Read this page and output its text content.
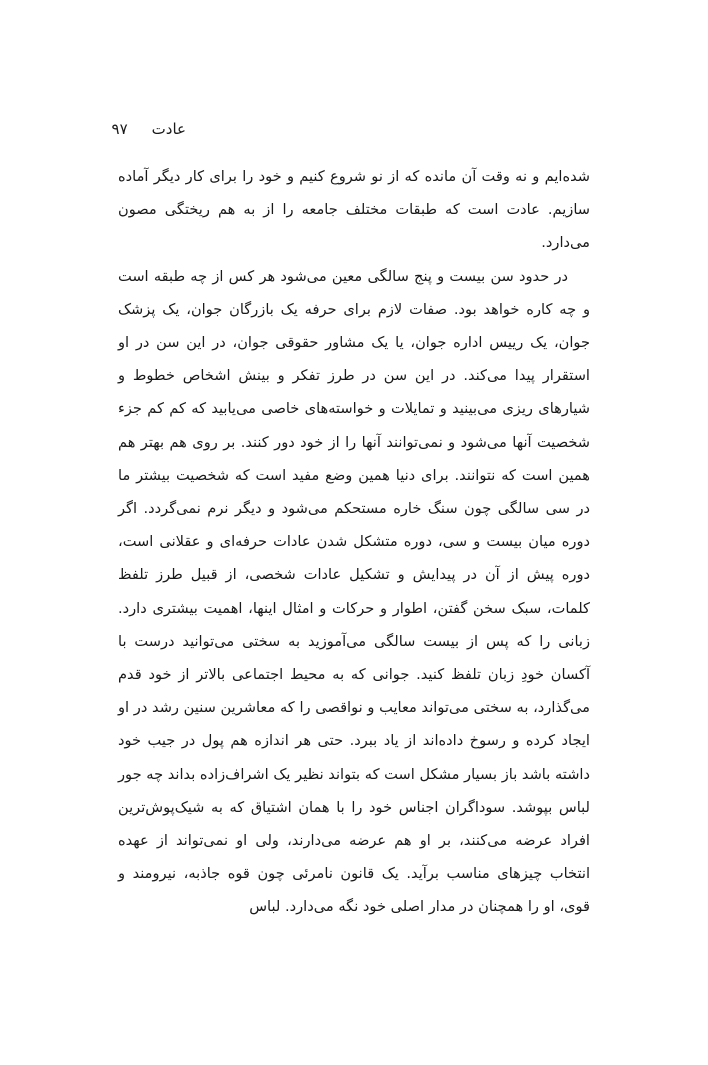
عادت
۹۷

شده‌ایم و نه وقت آن مانده که از نو شروع کنیم و خود را برای کار دیگر آماده سازیم. عادت است که طبقات مختلف جامعه را از به هم ریختگی مصون می‌دارد.

در حدود سن بیست و پنج سالگی معین می‌شود هر کس از چه طبقه است و چه کاره خواهد بود. صفات لازم برای حرفه یک بازرگان جوان، یک پزشک جوان، یک رییس اداره جوان، یا یک مشاور حقوقی جوان، در این سن در او استقرار پیدا می‌کند. در این سن در طرز تفکر و بینش اشخاص خطوط و شیارهای ریزی می‌بینید و تمایلات و خواسته‌های خاصی می‌یابید که کم کم جزء شخصیت آنها می‌شود و نمی‌توانند آنها را از خود دور کنند. بر روی هم بهتر هم همین است که نتوانند. برای دنیا همین وضع مفید است که شخصیت بیشتر ما در سی سالگی چون سنگ خاره مستحکم می‌شود و دیگر نرم نمی‌گردد. اگر دوره میان بیست و سی، دوره متشکل شدن عادات حرفه‌ای و عقلانی است، دوره پیش از آن در پیدایش و تشکیل عادات شخصی، از قبیل طرز تلفظ کلمات، سبک سخن گفتن، اطوار و حرکات و امثال اینها، اهمیت بیشتری دارد. زبانی را که پس از بیست سالگی می‌آموزید به سختی می‌توانید درست با آکسان خودِ زبان تلفظ کنید. جوانی که به محیط اجتماعی بالاتر از خود قدم می‌گذارد، به سختی می‌تواند معایب و نواقصی را که معاشرین سنین رشد در او ایجاد کرده و رسوخ داده‌اند از یاد ببرد. حتی هر اندازه هم پول در جیب خود داشته باشد باز بسیار مشکل است که بتواند نظیر یک اشراف‌زاده بداند چه جور لباس بپوشد. سوداگران اجناس خود را با همان اشتیاق که به شیک‌پوش‌ترین افراد عرضه می‌کنند، بر او هم عرضه می‌دارند، ولی او نمی‌تواند از عهده انتخاب چیزهای مناسب برآید. یک قانون نامرئی چون قوه جاذبه، نیرومند و قوی، او را همچنان در مدار اصلی خود نگه می‌دارد. لباس
